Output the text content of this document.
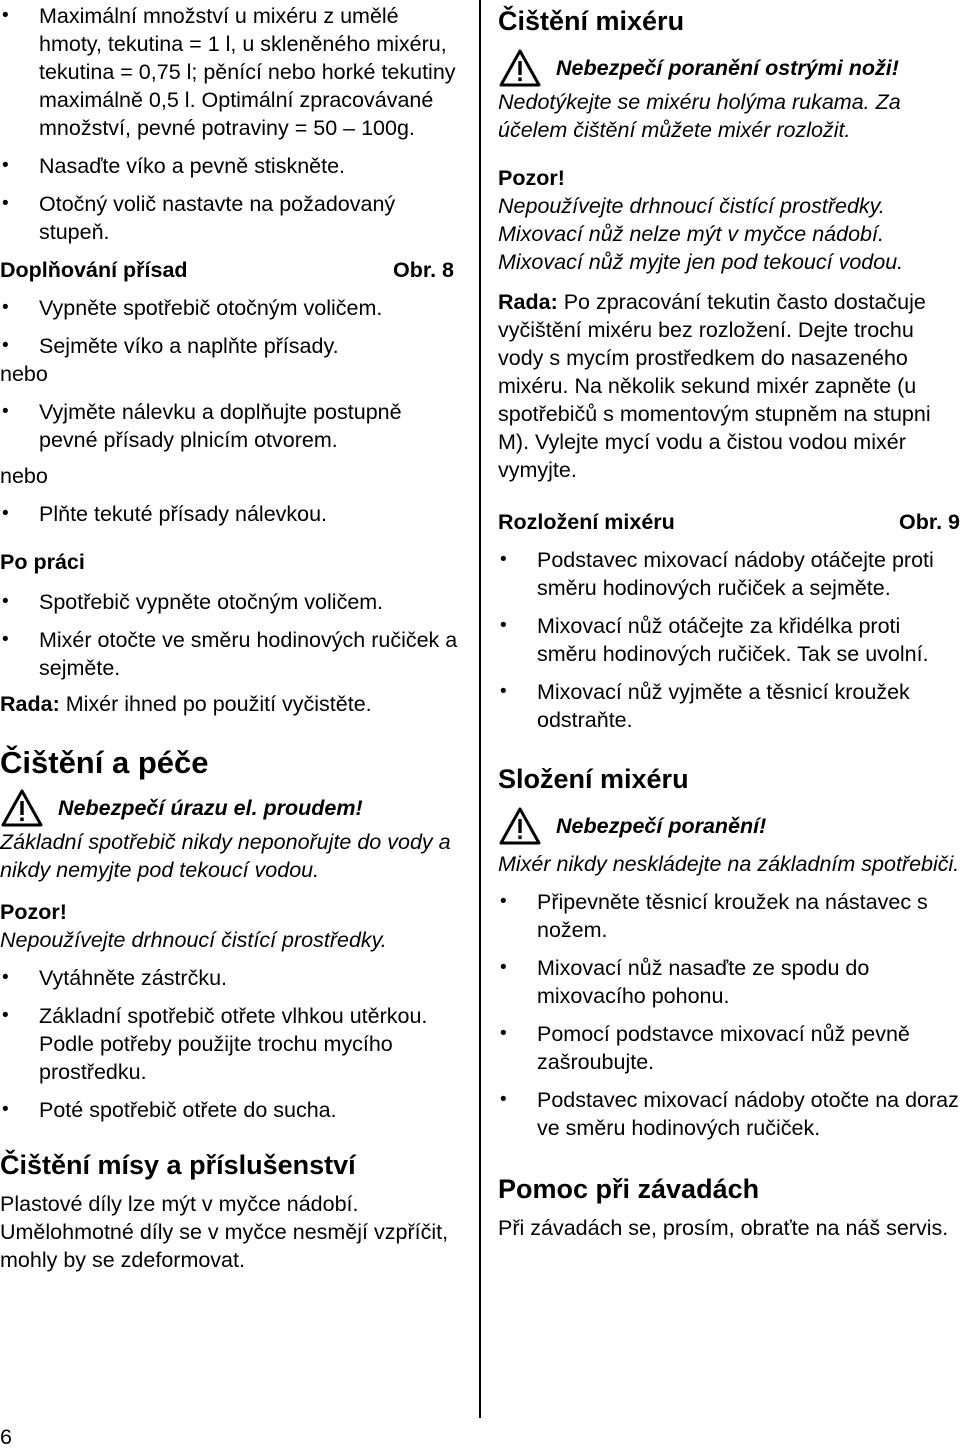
• Maximální množství u mixéru z umělé hmoty, tekutina = 1 l, u skleněného mixéru, tekutina = 0,75 l; pěnící nebo horké tekutiny maximálně 0,5 l. Optimální zpracovávané množství, pevné potraviny = 50 – 100g.
• Nasaďte víko a pevně stiskněte.
• Otočný volič nastavte na požadovaný stupeň.
Doplňování přísad	Obr. 8
• Vypněte spotřebič otočným voličem.
• Sejměte víko a naplňte přísady.

nebo

• Vyjměte nálevku a doplňujte postupně pevné přísady plnicím otvorem.

nebo

• Plňte tekuté přísady nálevkou.

Po práci

• Spotřebič vypněte otočným voličem.
• Mixér otočte ve směru hodinových ručiček a sejměte.

Rada: Mixér ihned po použití vyčistěte.

Čištění a péče
Nebezpečí úrazu el. proudem!

Základní spotřebič nikdy neponořujte do vody a nikdy nemyjte pod tekoucí vodou.

Pozor!

Nepoužívejte drhnoucí čistící prostředky.

• Vytáhněte zástrčku.
• Základní spotřebič otřete vlhkou utěrkou. Podle potřeby použijte trochu mycího prostředku.
• Poté spotřebič otřete do sucha.
Čištění mísy a příslušenství

Plastové díly lze mýt v myčce nádobí. Umělohmotné díly se v myčce nesmějí vzpříčit, mohly by se zdeformovat.

6
Čištění mixéru
Nebezpečí poranění ostrými noži!

Nedotýkejte se mixéru holýma rukama. Za účelem čištění můžete mixér rozložit.

Pozor!

Nepoužívejte drhnoucí čistící prostředky. Mixovací nůž nelze mýt v myčce nádobí. Mixovací nůž myjte jen pod tekoucí vodou.

Rada: Po zpracování tekutin často dostačuje vyčištění mixéru bez rozložení. Dejte trochu vody s mycím prostředkem do nasazeného mixéru. Na několik sekund mixér zapněte (u spotřebičů s momentovým stupněm na stupni M). Vylejte mycí vodu a čistou vodou mixér vymyjte.

Rozložení mixéru	Obr. 9
• Podstavec mixovací nádoby otáčejte proti směru hodinových ručiček a sejměte.
• Mixovací nůž otáčejte za křidélka proti směru hodinových ručiček. Tak se uvolní.
• Mixovací nůž vyjměte a těsnicí kroužek odstraňte.
Složení mixéru
Nebezpečí poranění!

Mixér nikdy neskládejte na základním spotřebiči.

• Připevněte těsnicí kroužek na nástavec s nožem.
• Mixovací nůž nasaďte ze spodu do mixovacího pohonu.
• Pomocí podstavce mixovací nůž pevně zašroubujte.
• Podstavec mixovací nádoby otočte na doraz ve směru hodinových ručiček.
Pomoc při závadách

Při závadách se, prosím, obraťte na náš servis.
